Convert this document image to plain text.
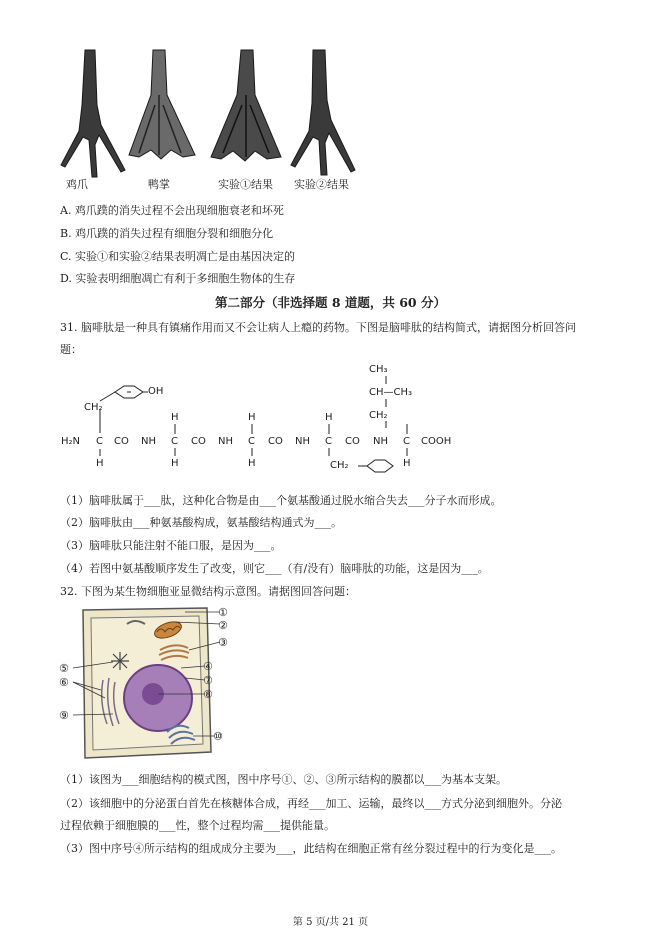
鸡爪	鸭掌	实验①结果 实验②结果
A. 鸡爪蹼的消失过程不会出现细胞衰老和坏死
B. 鸡爪蹼的消失过程有细胞分裂和细胞分化
C. 实验①和实验②结果表明凋亡是由基因决定的
D. 实验表明细胞凋亡有利于多细胞生物体的生存
第二部分（非选择题 8 道题，共 60 分）
31. 脑啡肽是一种具有镇痛作用而又不会让病人上瘾的药物。下图是脑啡肽的结构简式，请据图分析回答问
题：
CH₃
CH—CH₃
CH₂
OH
CH₂
H	H	H
H₂N C CO NH C CO NH C CO NH C CO NH C COOH
H	H	H	H
CH₂
（1）脑啡肽属于___肽，这种化合物是由___个氨基酸通过脱水缩合失去___分子水而形成。
（2）脑啡肽由___种氨基酸构成，氨基酸结构通式为___。
（3）脑啡肽只能注射不能口服，是因为___。
（4）若图中氨基酸顺序发生了改变，则它___（有/没有）脑啡肽的功能，这是因为___。
32. 下图为某生物细胞亚显微结构示意图。请据图回答问题：
①
②
③
④
⑤
⑥	⑦
⑧
⑨
⑩
（1）该图为___细胞结构的模式图，图中序号①、②、③所示结构的膜都以___为基本支架。
（2）该细胞中的分泌蛋白首先在核糖体合成，再经___加工、运输，最终以___方式分泌到细胞外。分泌
过程依赖于细胞膜的___性，整个过程均需___提供能量。
（3）图中序号④所示结构的组成成分主要为___，此结构在细胞正常有丝分裂过程中的行为变化是___。
第 5 页/共 21 页
